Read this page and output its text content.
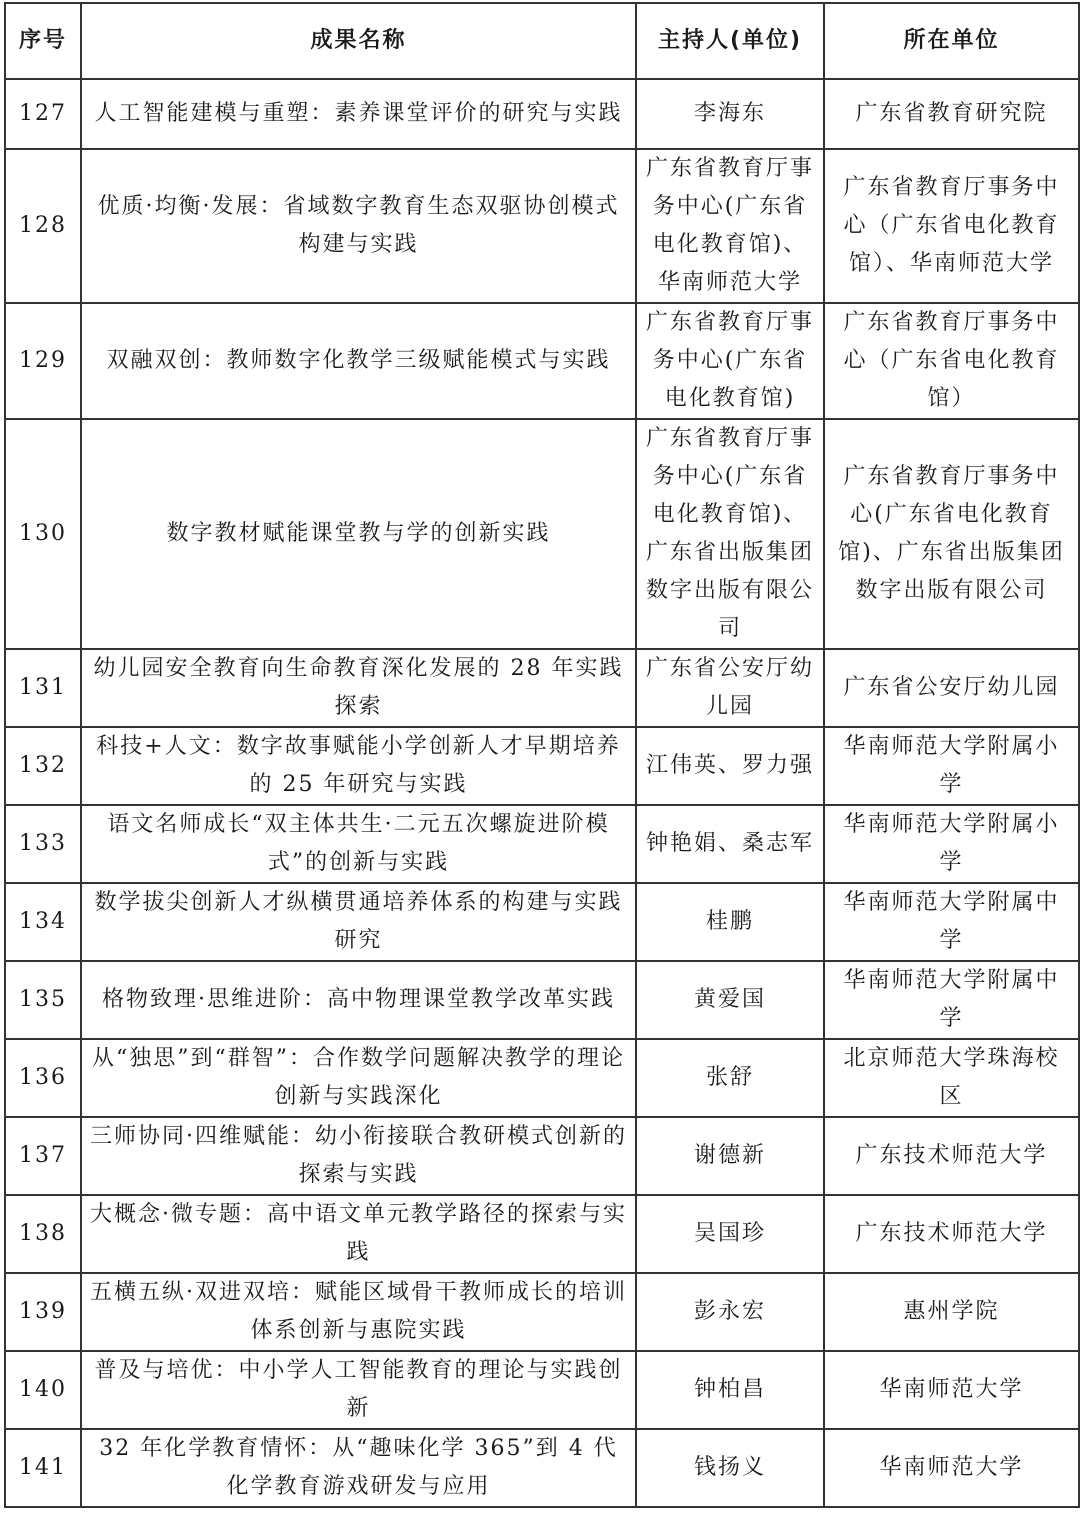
序号	成果名称	主持人(单位)	所在单位
127	人工智能建模与重塑：素养课堂评价的研究与实践	李海东	广东省教育研究院
128	优质·均衡·发展：省域数字教育生态双驱协创模式构建与实践	广东省教育厅事务中心(广东省电化教育馆)、华南师范大学	广东省教育厅事务中心（广东省电化教育馆）、华南师范大学
129	双融双创：教师数字化教学三级赋能模式与实践	广东省教育厅事务中心(广东省电化教育馆)	广东省教育厅事务中心（广东省电化教育馆）
130	数字教材赋能课堂教与学的创新实践	广东省教育厅事务中心(广东省电化教育馆)、广东省出版集团数字出版有限公司	广东省教育厅事务中心(广东省电化教育馆)、广东省出版集团数字出版有限公司
131	幼儿园安全教育向生命教育深化发展的 28 年实践探索	广东省公安厅幼儿园	广东省公安厅幼儿园
132	科技+人文：数字故事赋能小学创新人才早期培养的 25 年研究与实践	江伟英、罗力强	华南师范大学附属小学
133	语文名师成长“双主体共生·二元五次螺旋进阶模式”的创新与实践	钟艳娟、桑志军	华南师范大学附属小学
134	数学拔尖创新人才纵横贯通培养体系的构建与实践研究	桂鹏	华南师范大学附属中学
135	格物致理·思维进阶：高中物理课堂教学改革实践	黄爱国	华南师范大学附属中学
136	从“独思”到“群智”：合作数学问题解决教学的理论创新与实践深化	张舒	北京师范大学珠海校区
137	三师协同·四维赋能：幼小衔接联合教研模式创新的探索与实践	谢德新	广东技术师范大学
138	大概念·微专题：高中语文单元教学路径的探索与实践	吴国珍	广东技术师范大学
139	五横五纵·双进双培：赋能区域骨干教师成长的培训体系创新与惠院实践	彭永宏	惠州学院
140	普及与培优：中小学人工智能教育的理论与实践创新	钟柏昌	华南师范大学
141	32 年化学教育情怀：从“趣味化学 365”到 4 代化学教育游戏研发与应用	钱扬义	华南师范大学
